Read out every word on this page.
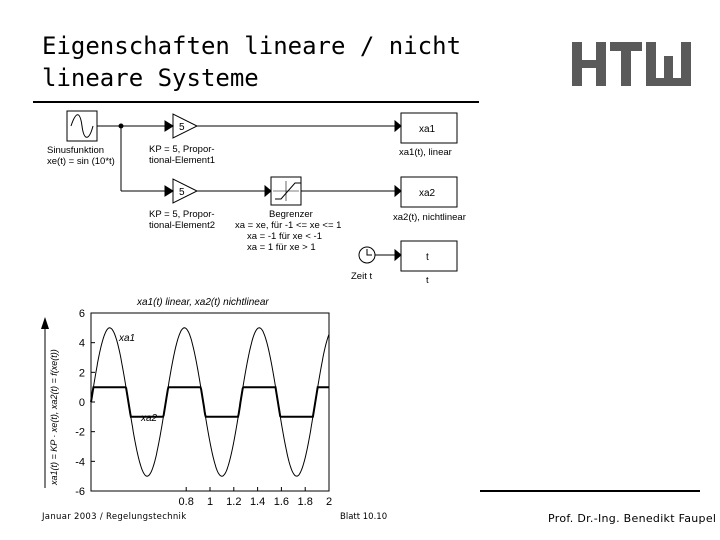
Eigenschaften lineare / nicht
lineare Systeme
5
5
Sinusfunktion
xe(t) = sin (10*t)
KP = 5, Propor-
tional-Element1
KP = 5, Propor-
tional-Element2
Begrenzer
xa = xe, für -1 <= xe <= 1
xa = -1 für xe < -1
xa = 1 für xe > 1
Zeit t
xa1
xa1(t), linear
xa2
xa2(t), nichtlinear
t
t
xa1(t) linear, xa2(t) nichtlinear
xa1(t) = KP · xe(t), xa2(t) = f(xe(t))
6
4
2
0
-2
-4
-6
0.8 1 1.2 1.4 1.6 1.8 2
xa1
xa2
Januar 2003 / Regelungstechnik	Blatt 10.10	Prof. Dr.-Ing. Benedikt Faupel
